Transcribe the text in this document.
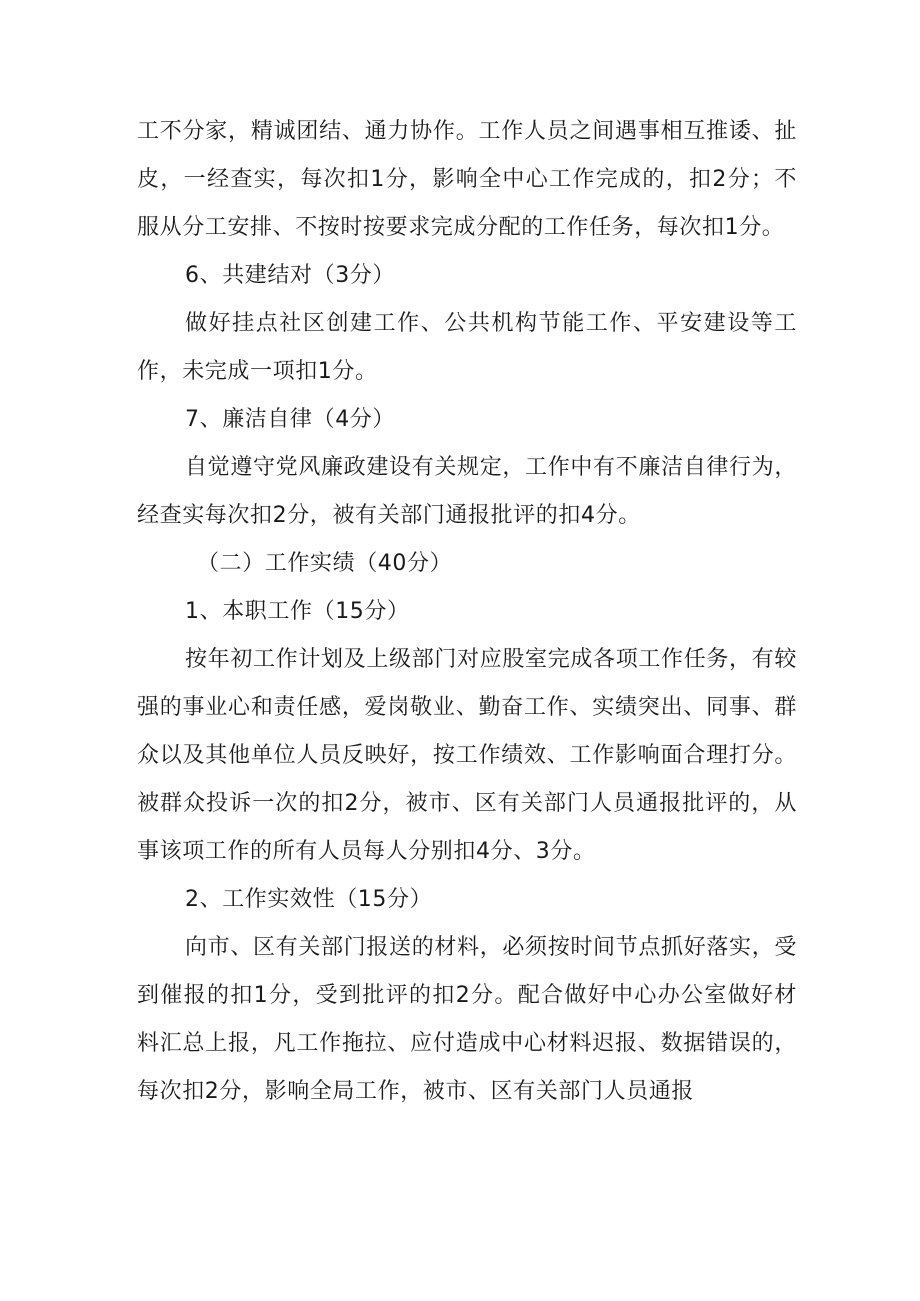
工不分家，精诚团结、通力协作。工作人员之间遇事相互推诿、扯皮，一经查实，每次扣1分，影响全中心工作完成的，扣2分；不服从分工安排、不按时按要求完成分配的工作任务，每次扣1分。

6、共建结对（3分）

做好挂点社区创建工作、公共机构节能工作、平安建设等工作，未完成一项扣1分。

7、廉洁自律（4分）

自觉遵守党风廉政建设有关规定，工作中有不廉洁自律行为，经查实每次扣2分，被有关部门通报批评的扣4分。

（二）工作实绩（40分）

1、本职工作（15分）

按年初工作计划及上级部门对应股室完成各项工作任务，有较强的事业心和责任感，爱岗敬业、勤奋工作、实绩突出、同事、群众以及其他单位人员反映好，按工作绩效、工作影响面合理打分。被群众投诉一次的扣2分，被市、区有关部门人员通报批评的，从事该项工作的所有人员每人分别扣4分、3分。

2、工作实效性（15分）

向市、区有关部门报送的材料，必须按时间节点抓好落实，受到催报的扣1分，受到批评的扣2分。配合做好中心办公室做好材料汇总上报，凡工作拖拉、应付造成中心材料迟报、数据错误的，每次扣2分，影响全局工作，被市、区有关部门人员通报
